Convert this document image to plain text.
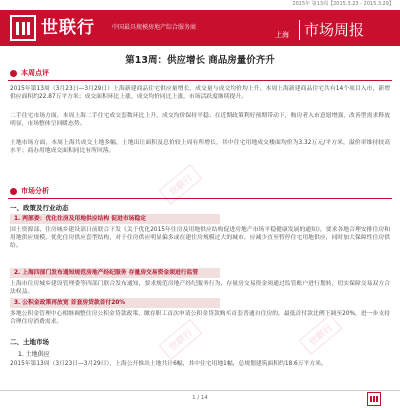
2015年 第13周【2015.3.23 - 2015.3.29】
世联行	中国最具规模房地产综合服务商
上海 市场周报
第13周：供应增长 商品房量价齐升
本周点评
2015年第13周（3月23日—3月29日）上海新建商品住宅供应量增长，成交量与成交均价均上升。本周上海新建商品住宅共有14个项目入市，新增供应面积约22.87万平方米；成交面积环比上涨，成交均价同比上涨，市场活跃度继续提升。
二手住宅市场方面，本周上海二手住宅成交套数环比上升，成交均价保持平稳；在近期政策利好预期带动下，购房者入市意愿增强，改善型需求释放明显，市场整体呈回暖态势。
土地市场方面，本周上海共成交土地多幅，土地出让面积及总价较上周有所增长，其中住宅用地成交楼面均价为3.32万元/平方米，溢价率维持较高水平；商办用地成交面积同比有所回落。
市场分析
一、政策及行业动态
1. 两部委：优化住房及用地供应结构 促进市场稳定
国土资源部、住房城乡建设部日前联合下发《关于优化2015年住房及用地供应结构促进房地产市场平稳健康发展的通知》，要求各地合理安排住房和用地供应规模，优化住房供应套型结构，对于住房供应明显偏多或在建住房规模过大的城市，应减少直至暂停住宅用地供应，同时加大保障性住房供给。
2. 上海四部门发布通知规范房地产经纪服务 存量房交易资金须进行监管
上海市住房城乡建设管理委等四部门联合发布通知，要求规范房地产经纪服务行为，存量房交易资金须通过监管账户进行划转，切实保障交易双方合法权益。
3. 公积金政策再放宽 首套房贷款首付20%
多地公积金管理中心相继调整住房公积金贷款政策，缴存职工首次申请公积金贷款购买首套普通自住房的，最低首付款比例下调至20%，进一步支持合理住房消费需求。
二、土地市场
1. 土地供应
2015年第13周（3月23日—3月29日），上海公开推出土地共计6幅，其中住宅用地1幅，总规划建筑面积约18.6万平方米。
世联行
世联行
世联行
1 / 14
